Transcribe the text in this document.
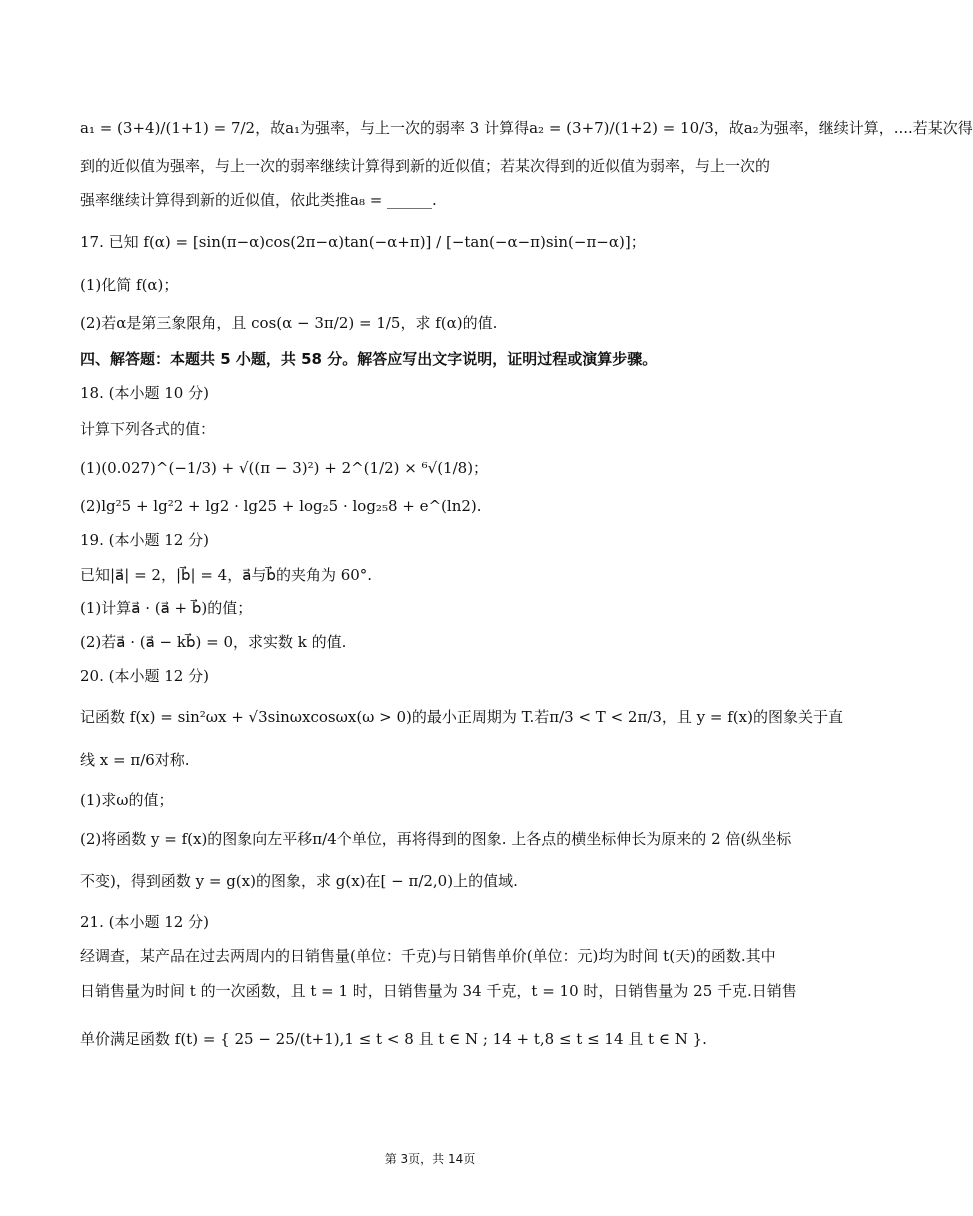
a₁ = (3+4)/(1+1) = 7/2，故a₁为强率，与上一次的弱率 3 计算得a₂ = (3+7)/(1+2) = 10/3，故a₂为强率，继续计算，....若某次得
到的近似值为强率，与上一次的弱率继续计算得到新的近似值；若某次得到的近似值为弱率，与上一次的
强率继续计算得到新的近似值，依此类推a₈ = ______.
17. 已知 f(α) = [sin(π−α)cos(2π−α)tan(−α+π)] / [−tan(−α−π)sin(−π−α)]；
(1)化简 f(α)；
(2)若α是第三象限角，且 cos(α − 3π/2) = 1/5，求 f(α)的值.
四、解答题：本题共 5 小题，共 58 分。解答应写出文字说明，证明过程或演算步骤。
18. (本小题 10 分)
计算下列各式的值：
(1)(0.027)^(−1/3) + √((π − 3)²) + 2^(1/2) × ⁶√(1/8)；
(2)lg²5 + lg²2 + lg2 · lg25 + log₂5 · log₂₅8 + e^(ln2).
19. (本小题 12 分)
已知|a⃗| = 2，|b⃗| = 4，a⃗与b⃗的夹角为 60°.
(1)计算a⃗ · (a⃗ + b⃗)的值；
(2)若a⃗ · (a⃗ − kb⃗) = 0，求实数 k 的值.
20. (本小题 12 分)
记函数 f(x) = sin²ωx + √3sinωxcosωx(ω > 0)的最小正周期为 T.若π/3 < T < 2π/3，且 y = f(x)的图象关于直
线 x = π/6对称.
(1)求ω的值；
(2)将函数 y = f(x)的图象向左平移π/4个单位，再将得到的图象. 上各点的横坐标伸长为原来的 2 倍(纵坐标
不变)，得到函数 y = g(x)的图象，求 g(x)在[ − π/2,0)上的值域.
21. (本小题 12 分)
经调查，某产品在过去两周内的日销售量(单位：千克)与日销售单价(单位：元)均为时间 t(天)的函数.其中
日销售量为时间 t 的一次函数，且 t = 1 时，日销售量为 34 千克，t = 10 时，日销售量为 25 千克.日销售
单价满足函数 f(t) = { 25 − 25/(t+1),1 ≤ t < 8 且 t ∈ N ; 14 + t,8 ≤ t ≤ 14 且 t ∈ N }.
第 3页，共 14页
